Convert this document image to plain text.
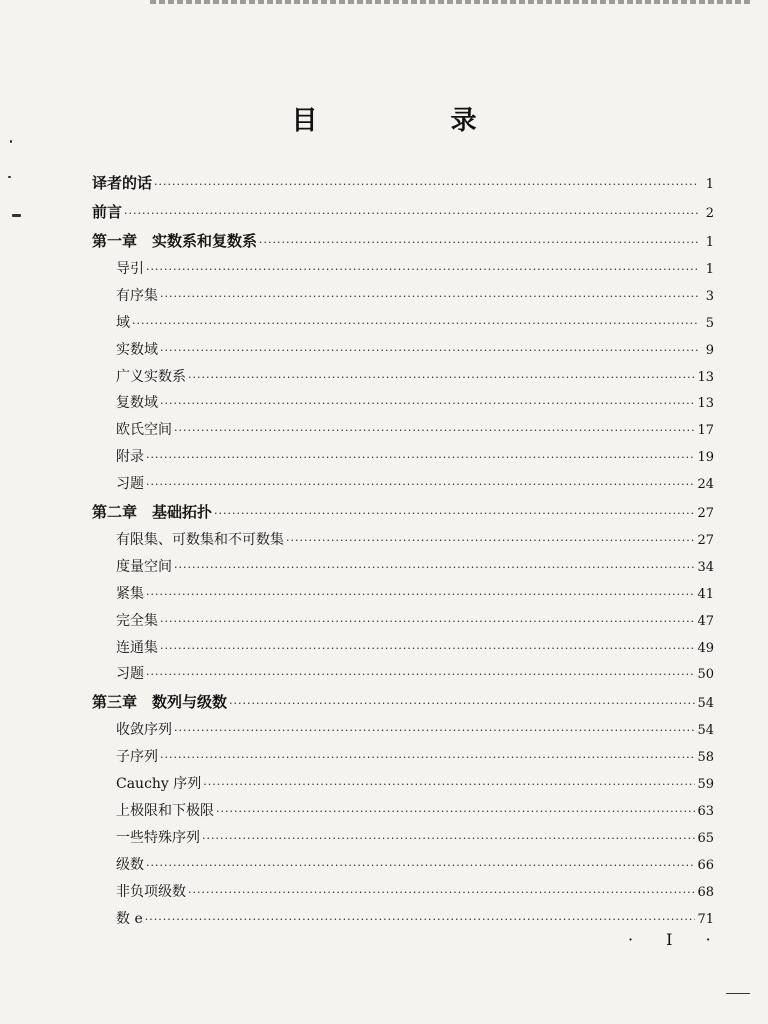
目 录
译者的话 ·····	1
前言 ·····	2
第一章　实数系和复数系 ·····	1
导引 ·····	1
有序集 ·····	3
域 ·····	5
实数域 ·····	9
广义实数系 ·····	13
复数域 ·····	13
欧氏空间 ·····	17
附录 ·····	19
习题 ·····	24
第二章　基础拓扑 ·····	27
有限集、可数集和不可数集 ·····	27
度量空间 ·····	34
紧集 ·····	41
完全集 ·····	47
连通集 ·····	49
习题 ·····	50
第三章　数列与级数 ·····	54
收敛序列 ·····	54
子序列 ·····	58
Cauchy 序列 ·····	59
上极限和下极限 ·····	63
一些特殊序列 ·····	65
级数 ·····	66
非负项级数 ·····	68
数 e ·····	71
· I ·
